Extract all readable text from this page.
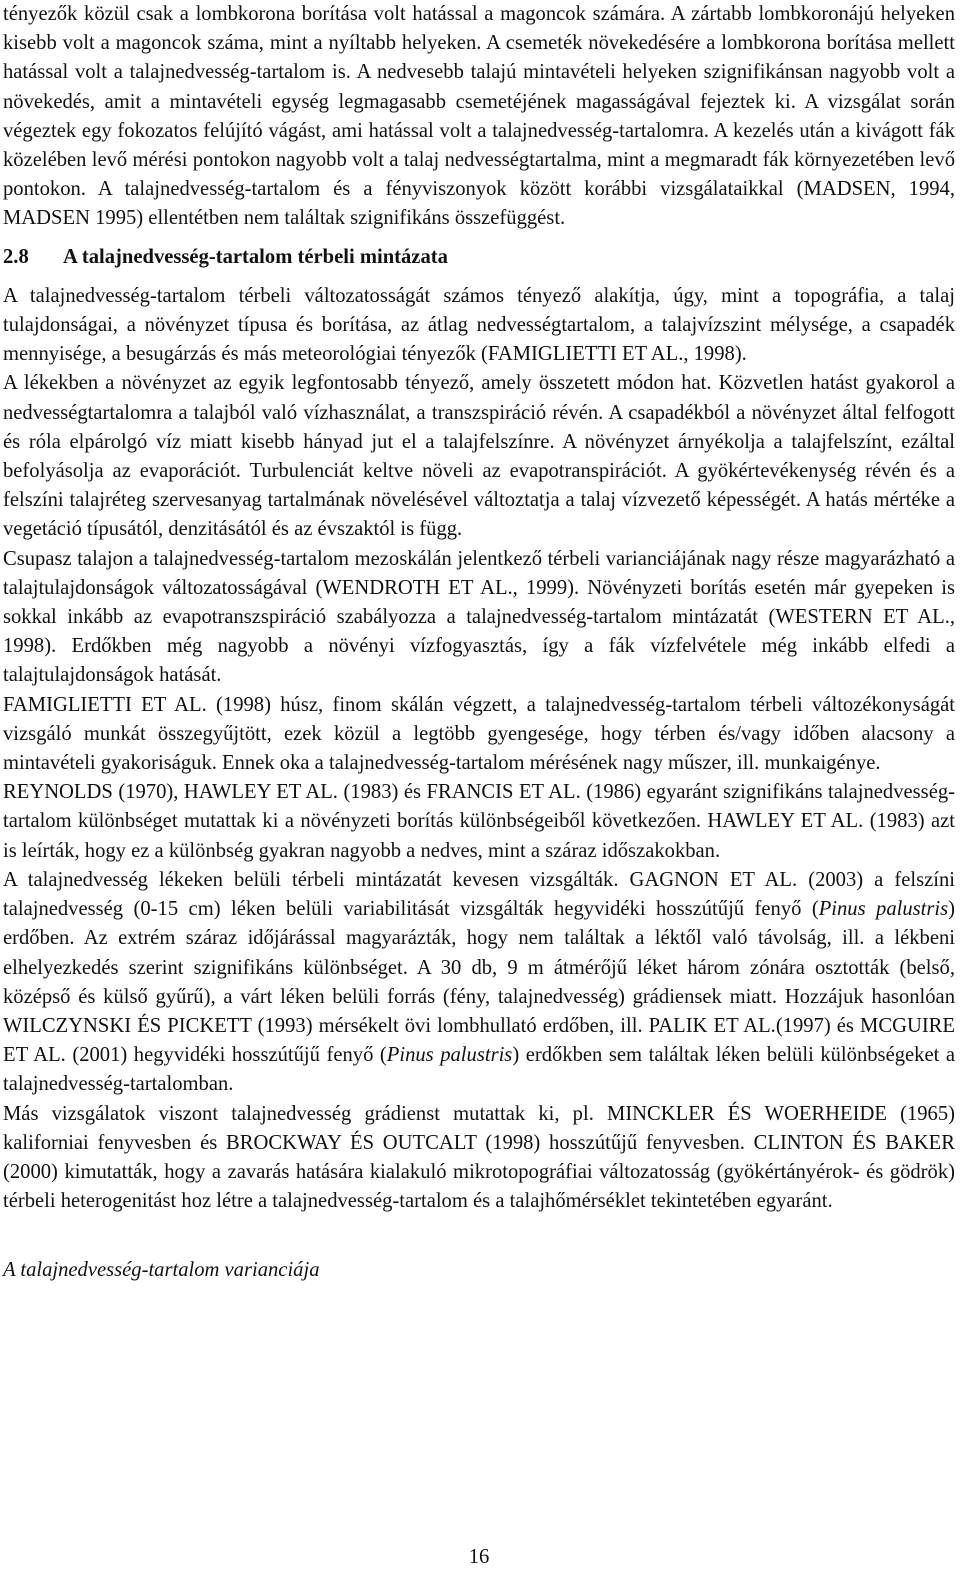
tényezők közül csak a lombkorona borítása volt hatással a magoncok számára. A zártabb lombkoronájú helyeken kisebb volt a magoncok száma, mint a nyíltabb helyeken. A csemeték növekedésére a lombkorona borítása mellett hatással volt a talajnedvesség-tartalom is. A nedvesebb talajú mintavételi helyeken szignifikánsan nagyobb volt a növekedés, amit a mintavételi egység legmagasabb csemetéjének magasságával fejeztek ki. A vizsgálat során végeztek egy fokozatos felújító vágást, ami hatással volt a talajnedvesség-tartalomra. A kezelés után a kivágott fák közelében levő mérési pontokon nagyobb volt a talaj nedvességtartalma, mint a megmaradt fák környezetében levő pontokon. A talajnedvesség-tartalom és a fényviszonyok között korábbi vizsgálataikkal (MADSEN, 1994, MADSEN 1995) ellentétben nem találtak szignifikáns összefüggést.

2.8 A talajnedvesség-tartalom térbeli mintázata

A talajnedvesség-tartalom térbeli változatosságát számos tényező alakítja, úgy, mint a topográfia, a talaj tulajdonságai, a növényzet típusa és borítása, az átlag nedvességtartalom, a talajvízszint mélysége, a csapadék mennyisége, a besugárzás és más meteorológiai tényezők (FAMIGLIETTI ET AL., 1998).

A lékekben a növényzet az egyik legfontosabb tényező, amely összetett módon hat. Közvetlen hatást gyakorol a nedvességtartalomra a talajból való vízhasználat, a transzspiráció révén. A csapadékból a növényzet által felfogott és róla elpárolgó víz miatt kisebb hányad jut el a talajfelszínre. A növényzet árnyékolja a talajfelszínt, ezáltal befolyásolja az evaporációt. Turbulenciát keltve növeli az evapotranspirációt. A gyökértevékenység révén és a felszíni talajréteg szervesanyag tartalmának növelésével változtatja a talaj vízvezető képességét. A hatás mértéke a vegetáció típusától, denzitásától és az évszaktól is függ.

Csupasz talajon a talajnedvesség-tartalom mezoskálán jelentkező térbeli varianciájának nagy része magyarázható a talajtulajdonságok változatosságával (WENDROTH ET AL., 1999). Növényzeti borítás esetén már gyepeken is sokkal inkább az evapotranszspiráció szabályozza a talajnedvesség-tartalom mintázatát (WESTERN ET AL., 1998). Erdőkben még nagyobb a növényi vízfogyasztás, így a fák vízfelvétele még inkább elfedi a talajtulajdonságok hatását.

FAMIGLIETTI ET AL. (1998) húsz, finom skálán végzett, a talajnedvesség-tartalom térbeli változékonyságát vizsgáló munkát összegyűjtött, ezek közül a legtöbb gyengesége, hogy térben és/vagy időben alacsony a mintavételi gyakoriságuk. Ennek oka a talajnedvesség-tartalom mérésének nagy műszer, ill. munkaigénye.

REYNOLDS (1970), HAWLEY ET AL. (1983) és FRANCIS ET AL. (1986) egyaránt szignifikáns talajnedvesség-tartalom különbséget mutattak ki a növényzeti borítás különbségeiből következően. HAWLEY ET AL. (1983) azt is leírták, hogy ez a különbség gyakran nagyobb a nedves, mint a száraz időszakokban.

A talajnedvesség lékeken belüli térbeli mintázatát kevesen vizsgálták. GAGNON ET AL. (2003) a felszíni talajnedvesség (0-15 cm) léken belüli variabilitását vizsgálták hegyvidéki hosszútűjű fenyő (Pinus palustris) erdőben. Az extrém száraz időjárással magyarázták, hogy nem találtak a léktől való távolság, ill. a lékbeni elhelyezkedés szerint szignifikáns különbséget. A 30 db, 9 m átmérőjű léket három zónára osztották (belső, középső és külső gyűrű), a várt léken belüli forrás (fény, talajnedvesség) grádiensek miatt. Hozzájuk hasonlóan WILCZYNSKI ÉS PICKETT (1993) mérsékelt övi lombhullató erdőben, ill. PALIK ET AL.(1997) és MCGUIRE ET AL. (2001) hegyvidéki hosszútűjű fenyő (Pinus palustris) erdőkben sem találtak léken belüli különbségeket a talajnedvesség-tartalomban.

Más vizsgálatok viszont talajnedvesség grádienst mutattak ki, pl. MINCKLER ÉS WOERHEIDE (1965) kaliforniai fenyvesben és BROCKWAY ÉS OUTCALT (1998) hosszútűjű fenyvesben. CLINTON ÉS BAKER (2000) kimutatták, hogy a zavarás hatására kialakuló mikrotopográfiai változatosság (gyökértányérok- és gödrök) térbeli heterogenitást hoz létre a talajnedvesség-tartalom és a talajhőmérséklet tekintetében egyaránt.

A talajnedvesség-tartalom varianciája

16
